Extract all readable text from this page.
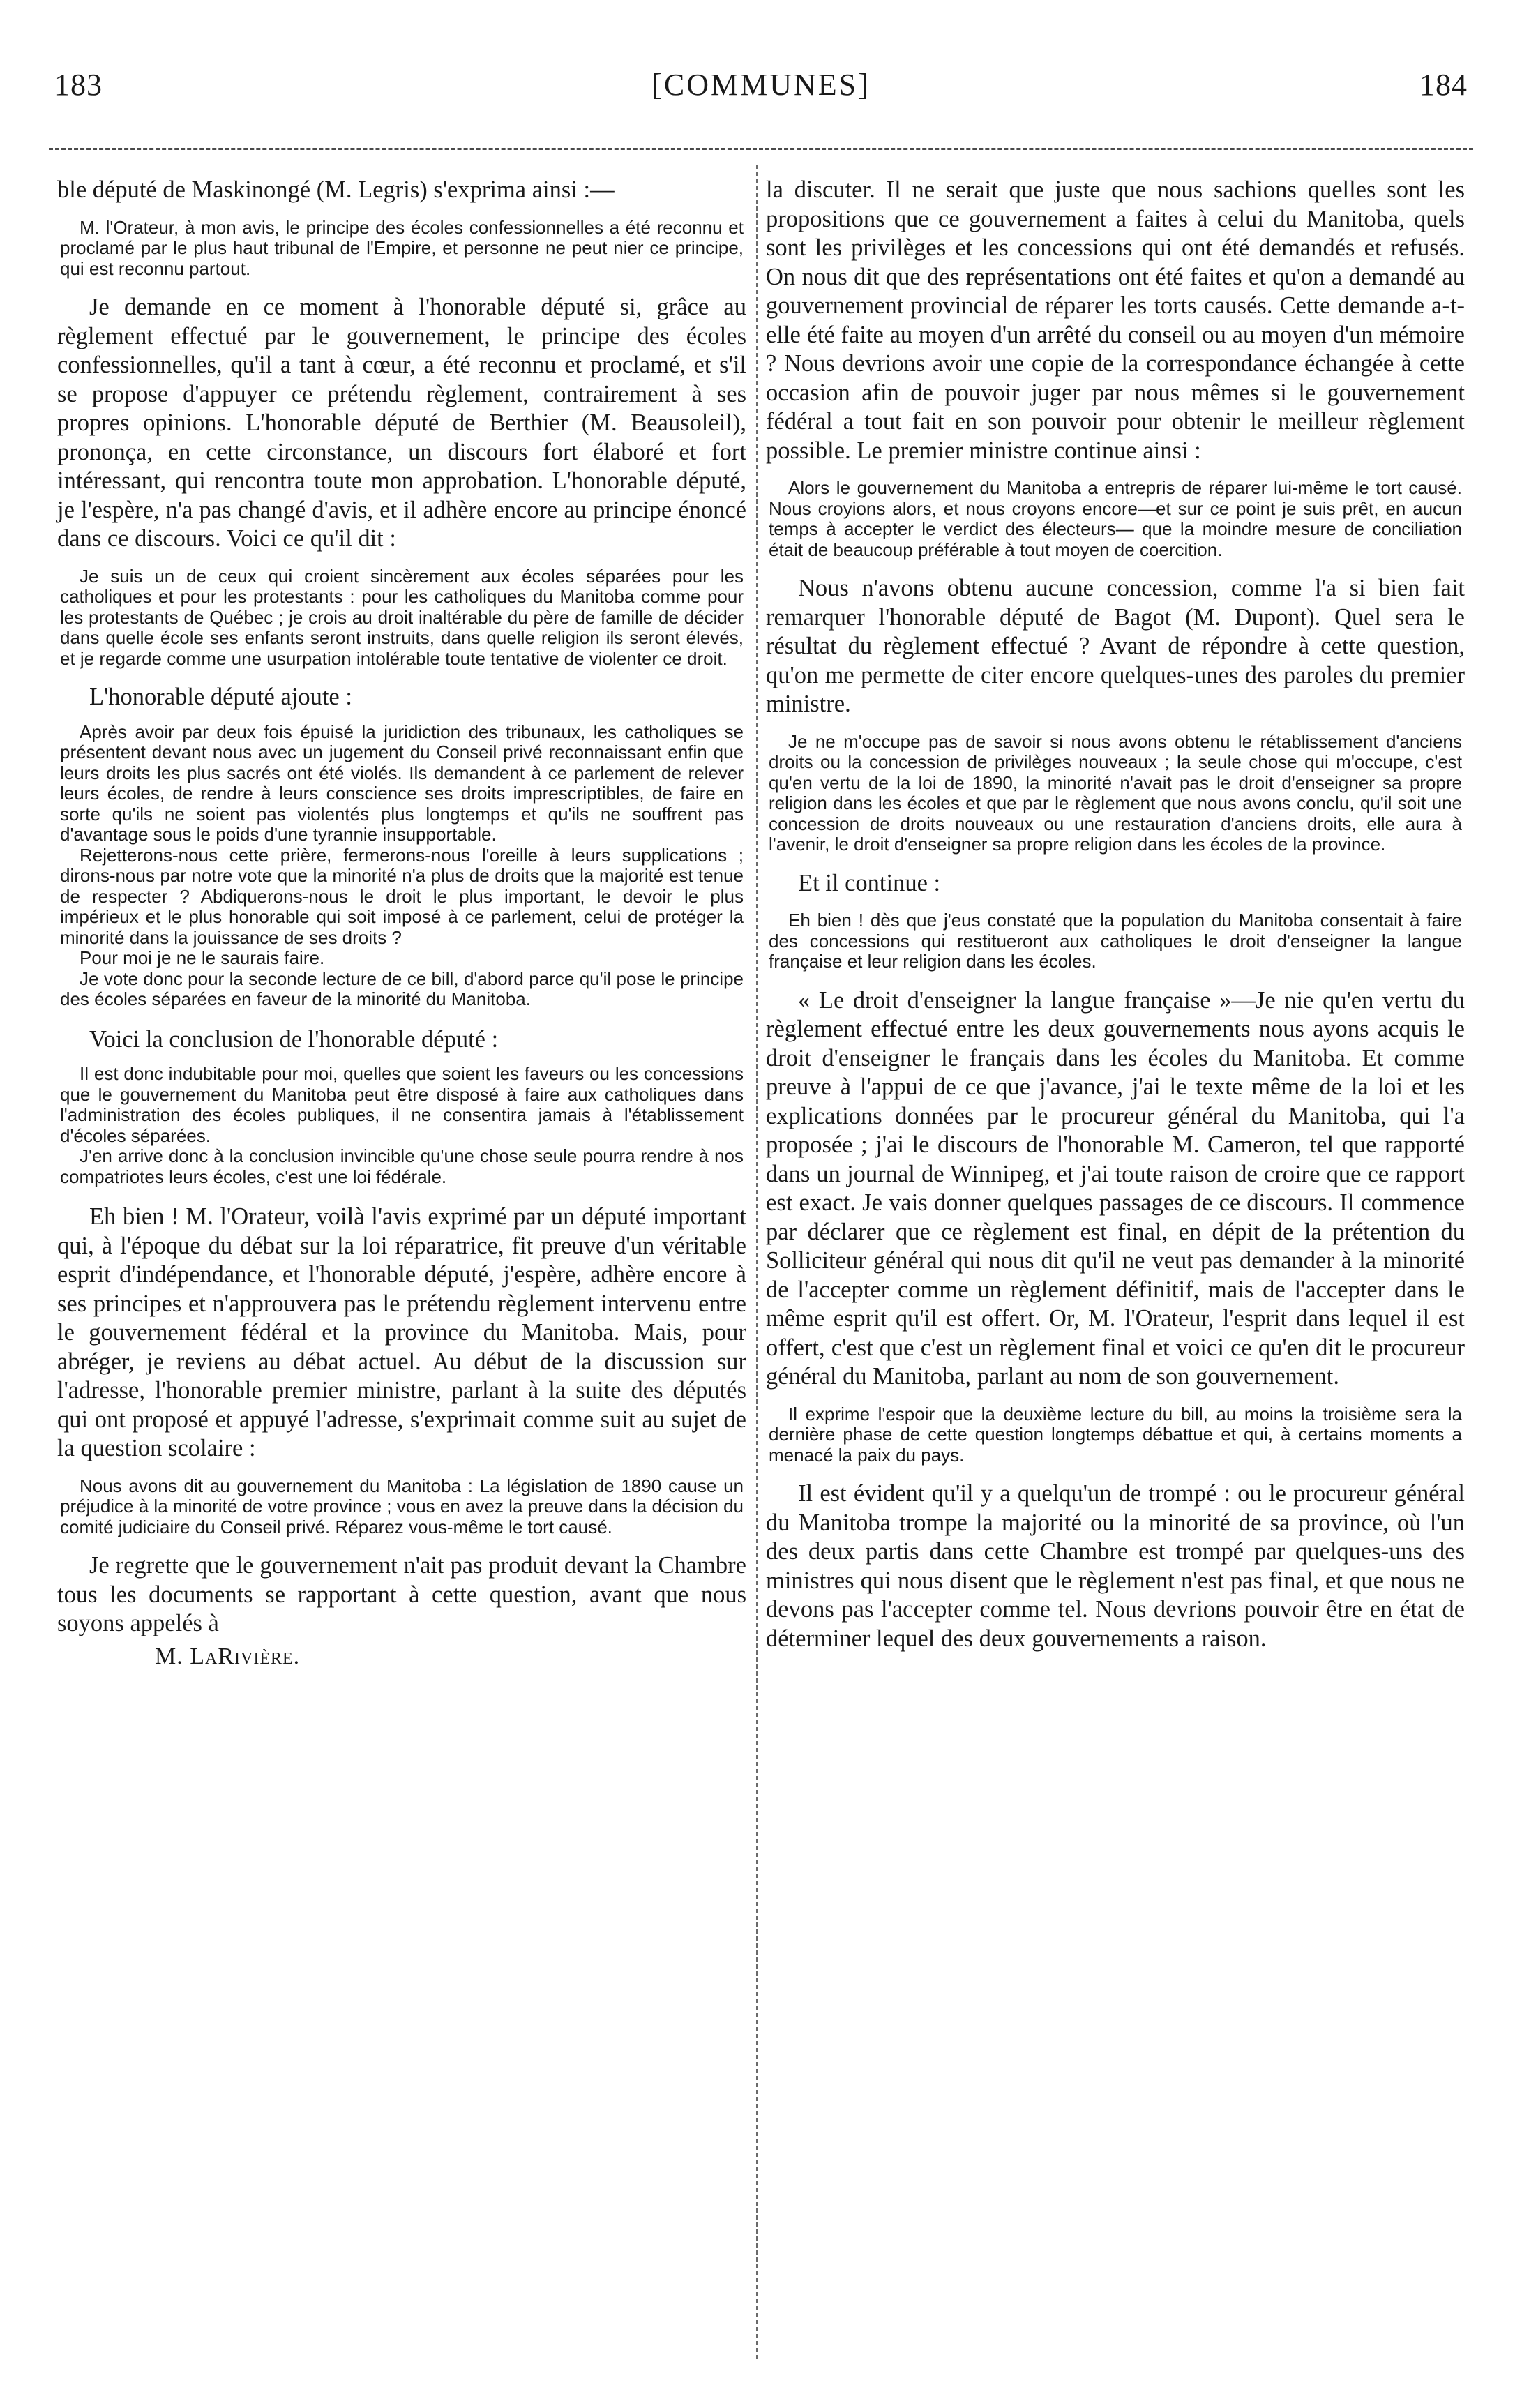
183	[COMMUNES]	184

ble député de Maskinongé (M. Legris) s'exprima ainsi :—

M. l'Orateur, à mon avis, le principe des écoles confessionnelles a été reconnu et proclamé par le plus haut tribunal de l'Empire, et personne ne peut nier ce principe, qui est reconnu partout.

Je demande en ce moment à l'honorable député si, grâce au règlement effectué par le gouvernement, le principe des écoles confessionnelles, qu'il a tant à cœur, a été reconnu et proclamé, et s'il se propose d'appuyer ce prétendu règlement, contrairement à ses propres opinions. L'honorable député de Berthier (M. Beausoleil), prononça, en cette circonstance, un discours fort élaboré et fort intéressant, qui rencontra toute mon approbation. L'honorable député, je l'espère, n'a pas changé d'avis, et il adhère encore au principe énoncé dans ce discours. Voici ce qu'il dit :

Je suis un de ceux qui croient sincèrement aux écoles séparées pour les catholiques et pour les protestants : pour les catholiques du Manitoba comme pour les protestants de Québec ; je crois au droit inaltérable du père de famille de décider dans quelle école ses enfants seront instruits, dans quelle religion ils seront élevés, et je regarde comme une usurpation intolérable toute tentative de violenter ce droit.

L'honorable député ajoute :

Après avoir par deux fois épuisé la juridiction des tribunaux, les catholiques se présentent devant nous avec un jugement du Conseil privé reconnaissant enfin que leurs droits les plus sacrés ont été violés. Ils demandent à ce parlement de relever leurs écoles, de rendre à leurs conscience ses droits imprescriptibles, de faire en sorte qu'ils ne soient pas violentés plus longtemps et qu'ils ne souffrent pas d'avantage sous le poids d'une tyrannie insupportable.

Rejetterons-nous cette prière, fermerons-nous l'oreille à leurs supplications ; dirons-nous par notre vote que la minorité n'a plus de droits que la majorité est tenue de respecter ? Abdiquerons-nous le droit le plus important, le devoir le plus impérieux et le plus honorable qui soit imposé à ce parlement, celui de protéger la minorité dans la jouissance de ses droits ?

Pour moi je ne le saurais faire.

Je vote donc pour la seconde lecture de ce bill, d'abord parce qu'il pose le principe des écoles séparées en faveur de la minorité du Manitoba.

Voici la conclusion de l'honorable député :

Il est donc indubitable pour moi, quelles que soient les faveurs ou les concessions que le gouvernement du Manitoba peut être disposé à faire aux catholiques dans l'administration des écoles publiques, il ne consentira jamais à l'établissement d'écoles séparées.

J'en arrive donc à la conclusion invincible qu'une chose seule pourra rendre à nos compatriotes leurs écoles, c'est une loi fédérale.

Eh bien ! M. l'Orateur, voilà l'avis exprimé par un député important qui, à l'époque du débat sur la loi réparatrice, fit preuve d'un véritable esprit d'indépendance, et l'honorable député, j'espère, adhère encore à ses principes et n'approuvera pas le prétendu règlement intervenu entre le gouvernement fédéral et la province du Manitoba. Mais, pour abréger, je reviens au débat actuel. Au début de la discussion sur l'adresse, l'honorable premier ministre, parlant à la suite des députés qui ont proposé et appuyé l'adresse, s'exprimait comme suit au sujet de la question scolaire :

Nous avons dit au gouvernement du Manitoba : La législation de 1890 cause un préjudice à la minorité de votre province ; vous en avez la preuve dans la décision du comité judiciaire du Conseil privé. Réparez vous-même le tort causé.

Je regrette que le gouvernement n'ait pas produit devant la Chambre tous les documents se rapportant à cette question, avant que nous soyons appelés à

M. LaRivière.

la discuter. Il ne serait que juste que nous sachions quelles sont les propositions que ce gouvernement a faites à celui du Manitoba, quels sont les privilèges et les concessions qui ont été demandés et refusés. On nous dit que des représentations ont été faites et qu'on a demandé au gouvernement provincial de réparer les torts causés. Cette demande a-t-elle été faite au moyen d'un arrêté du conseil ou au moyen d'un mémoire ? Nous devrions avoir une copie de la correspondance échangée à cette occasion afin de pouvoir juger par nous mêmes si le gouvernement fédéral a tout fait en son pouvoir pour obtenir le meilleur règlement possible. Le premier ministre continue ainsi :

Alors le gouvernement du Manitoba a entrepris de réparer lui-même le tort causé. Nous croyions alors, et nous croyons encore—et sur ce point je suis prêt, en aucun temps à accepter le verdict des électeurs— que la moindre mesure de conciliation était de beaucoup préférable à tout moyen de coercition.

Nous n'avons obtenu aucune concession, comme l'a si bien fait remarquer l'honorable député de Bagot (M. Dupont). Quel sera le résultat du règlement effectué ? Avant de répondre à cette question, qu'on me permette de citer encore quelques-unes des paroles du premier ministre.

Je ne m'occupe pas de savoir si nous avons obtenu le rétablissement d'anciens droits ou la concession de privilèges nouveaux ; la seule chose qui m'occupe, c'est qu'en vertu de la loi de 1890, la minorité n'avait pas le droit d'enseigner sa propre religion dans les écoles et que par le règlement que nous avons conclu, qu'il soit une concession de droits nouveaux ou une restauration d'anciens droits, elle aura à l'avenir, le droit d'enseigner sa propre religion dans les écoles de la province.

Et il continue :

Eh bien ! dès que j'eus constaté que la population du Manitoba consentait à faire des concessions qui restitueront aux catholiques le droit d'enseigner la langue française et leur religion dans les écoles.

« Le droit d'enseigner la langue française »—Je nie qu'en vertu du règlement effectué entre les deux gouvernements nous ayons acquis le droit d'enseigner le français dans les écoles du Manitoba. Et comme preuve à l'appui de ce que j'avance, j'ai le texte même de la loi et les explications données par le procureur général du Manitoba, qui l'a proposée ; j'ai le discours de l'honorable M. Cameron, tel que rapporté dans un journal de Winnipeg, et j'ai toute raison de croire que ce rapport est exact. Je vais donner quelques passages de ce discours. Il commence par déclarer que ce règlement est final, en dépit de la prétention du Solliciteur général qui nous dit qu'il ne veut pas demander à la minorité de l'accepter comme un règlement définitif, mais de l'accepter dans le même esprit qu'il est offert. Or, M. l'Orateur, l'esprit dans lequel il est offert, c'est que c'est un règlement final et voici ce qu'en dit le procureur général du Manitoba, parlant au nom de son gouvernement.

Il exprime l'espoir que la deuxième lecture du bill, au moins la troisième sera la dernière phase de cette question longtemps débattue et qui, à certains moments a menacé la paix du pays.

Il est évident qu'il y a quelqu'un de trompé : ou le procureur général du Manitoba trompe la majorité ou la minorité de sa province, où l'un des deux partis dans cette Chambre est trompé par quelques-uns des ministres qui nous disent que le règlement n'est pas final, et que nous ne devons pas l'accepter comme tel. Nous devrions pouvoir être en état de déterminer lequel des deux gouvernements a raison.
